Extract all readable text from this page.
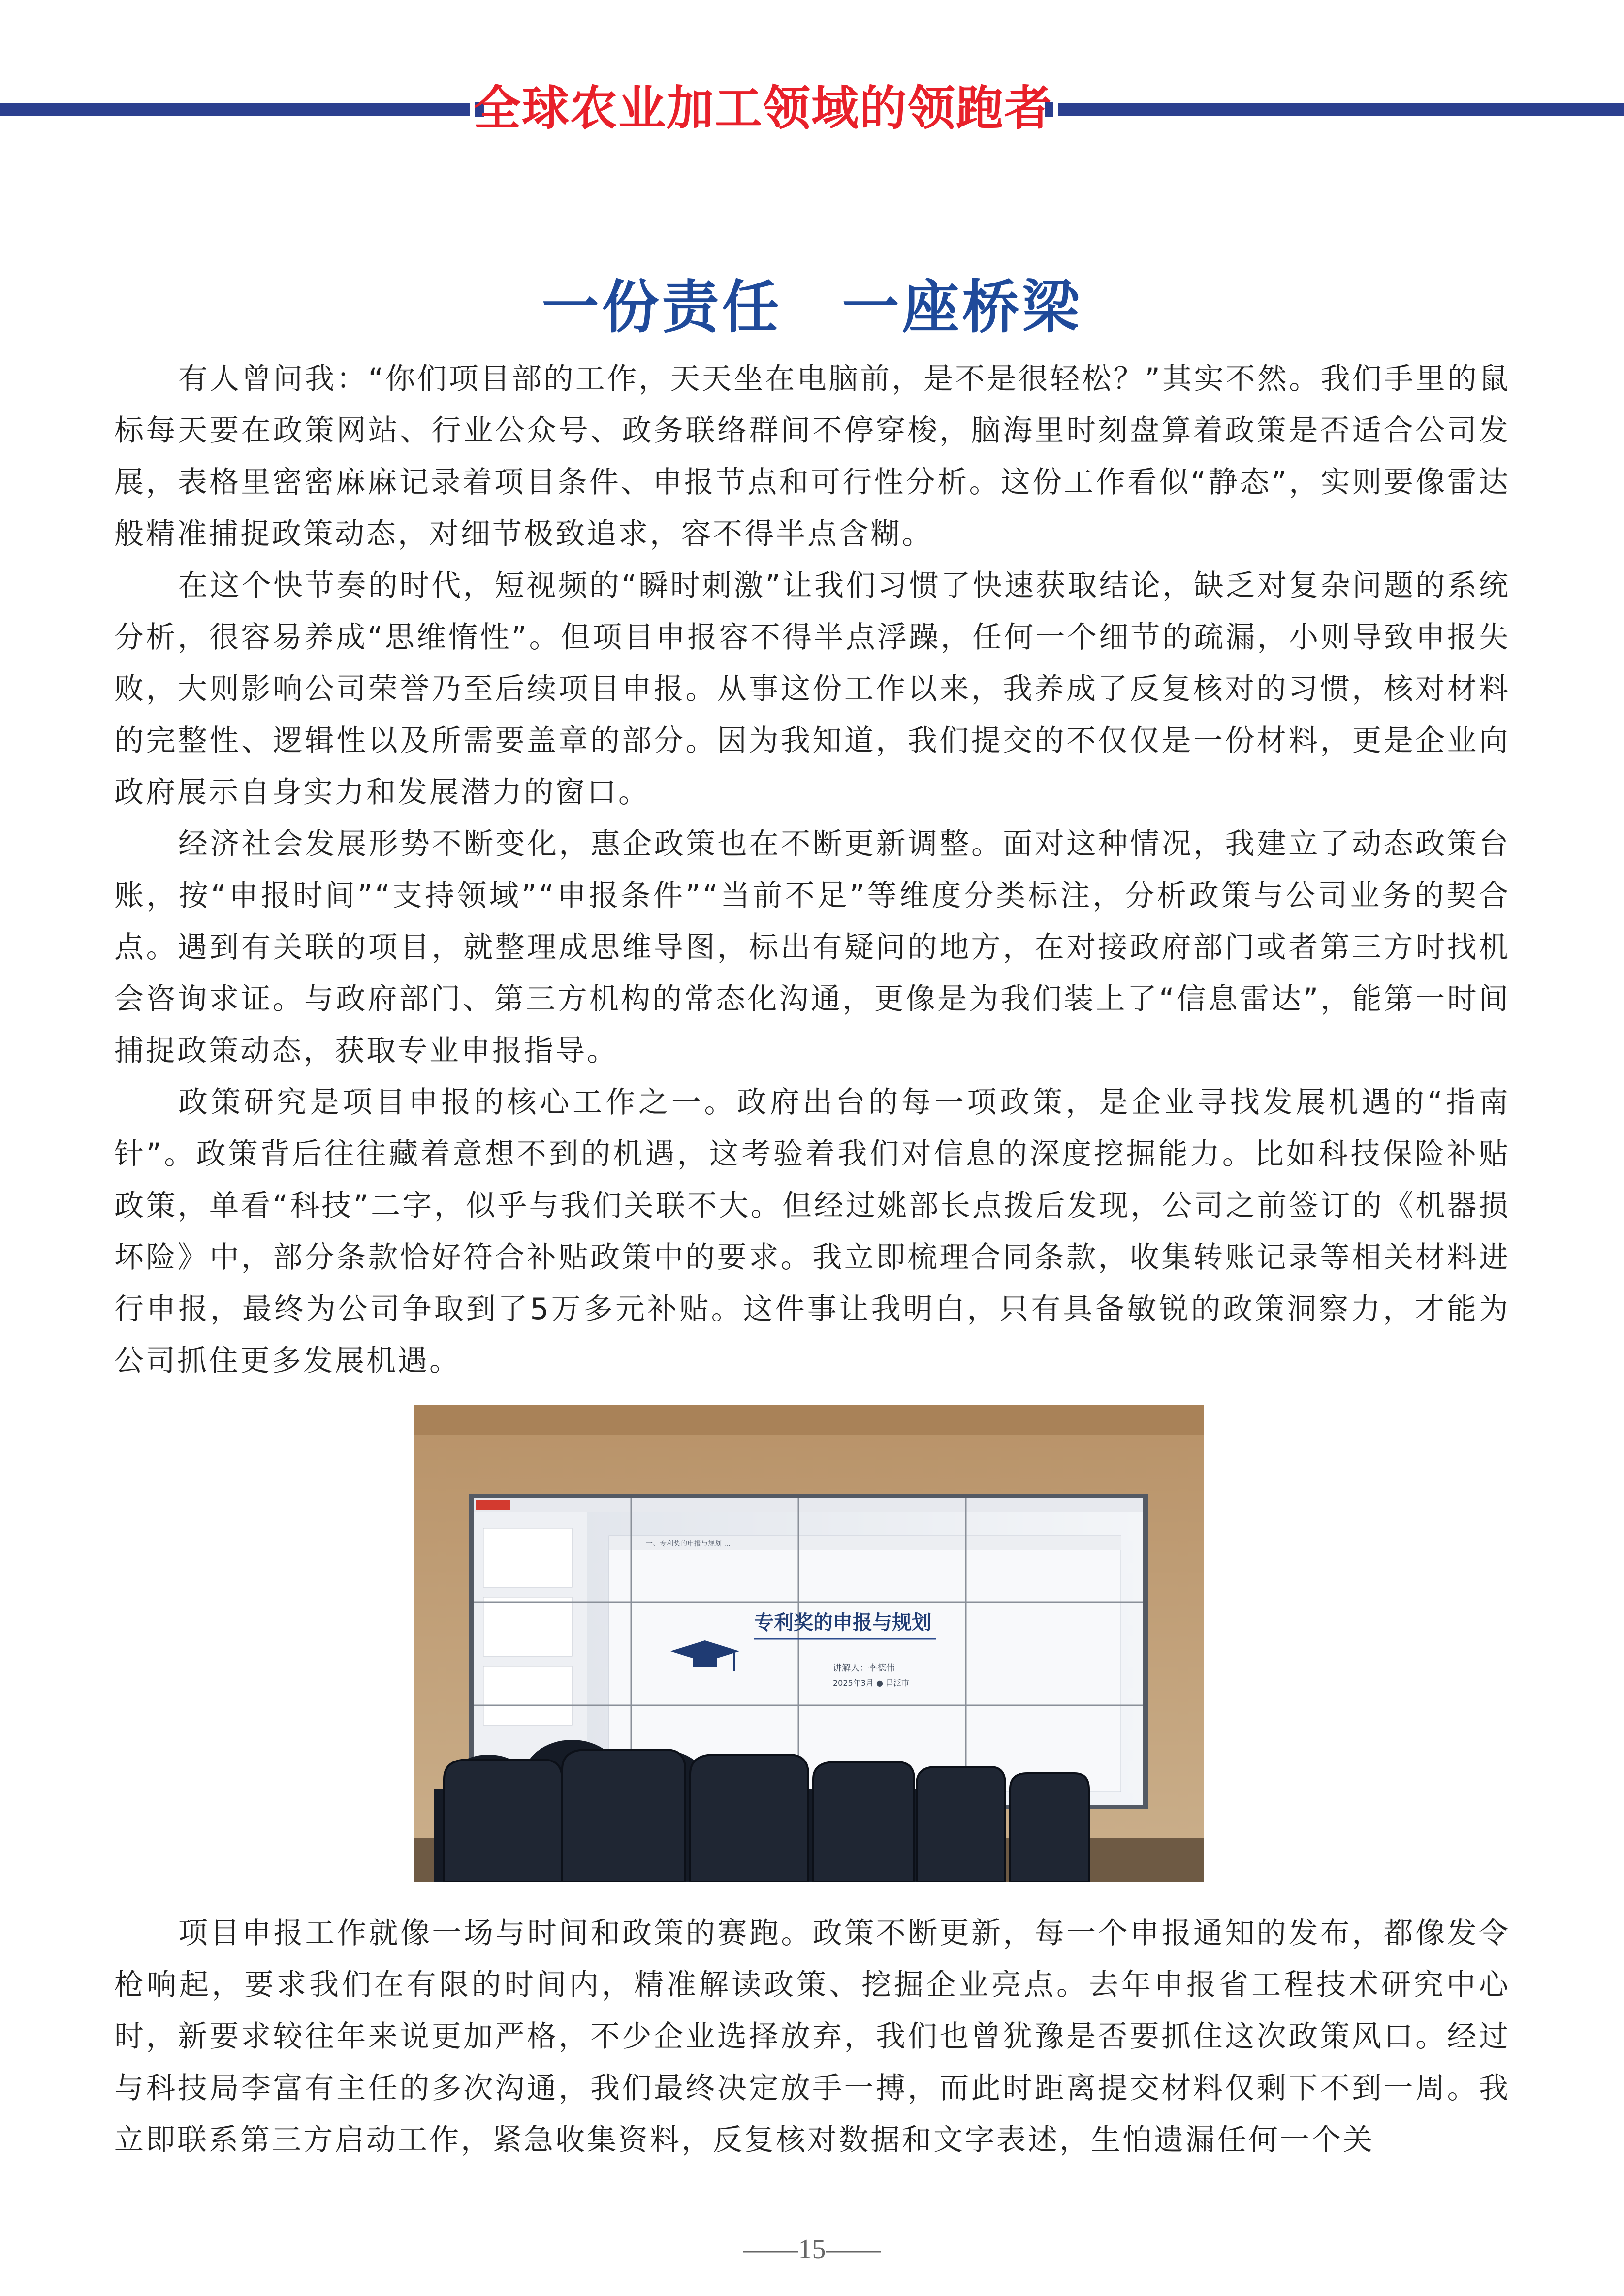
全球农业加工领域的领跑者
一份责任　一座桥梁

有人曾问我：“你们项目部的工作，天天坐在电脑前，是不是很轻松？”其实不然。我们手里的鼠标每天要在政策网站、行业公众号、政务联络群间不停穿梭，脑海里时刻盘算着政策是否适合公司发展，表格里密密麻麻记录着项目条件、申报节点和可行性分析。这份工作看似“静态”，实则要像雷达般精准捕捉政策动态，对细节极致追求，容不得半点含糊。

在这个快节奏的时代，短视频的“瞬时刺激”让我们习惯了快速获取结论，缺乏对复杂问题的系统分析，很容易养成“思维惰性”。但项目申报容不得半点浮躁，任何一个细节的疏漏，小则导致申报失败，大则影响公司荣誉乃至后续项目申报。从事这份工作以来，我养成了反复核对的习惯，核对材料的完整性、逻辑性以及所需要盖章的部分。因为我知道，我们提交的不仅仅是一份材料，更是企业向政府展示自身实力和发展潜力的窗口。

经济社会发展形势不断变化，惠企政策也在不断更新调整。面对这种情况，我建立了动态政策台账，按“申报时间”“支持领域”“申报条件”“当前不足”等维度分类标注，分析政策与公司业务的契合点。遇到有关联的项目，就整理成思维导图，标出有疑问的地方，在对接政府部门或者第三方时找机会咨询求证。与政府部门、第三方机构的常态化沟通，更像是为我们装上了“信息雷达”，能第一时间捕捉政策动态，获取专业申报指导。

政策研究是项目申报的核心工作之一。政府出台的每一项政策，是企业寻找发展机遇的“指南针”。政策背后往往藏着意想不到的机遇，这考验着我们对信息的深度挖掘能力。比如科技保险补贴政策，单看“科技”二字，似乎与我们关联不大。但经过姚部长点拨后发现，公司之前签订的《机器损坏险》中，部分条款恰好符合补贴政策中的要求。我立即梳理合同条款，收集转账记录等相关材料进行申报，最终为公司争取到了5万多元补贴。这件事让我明白，只有具备敏锐的政策洞察力，才能为公司抓住更多发展机遇。

专利奖的申报与规划
讲解人：李德伟
2025年3月 ● 昌泛市
一、专利奖的申报与规划 ...

项目申报工作就像一场与时间和政策的赛跑。政策不断更新，每一个申报通知的发布，都像发令枪响起，要求我们在有限的时间内，精准解读政策、挖掘企业亮点。去年申报省工程技术研究中心时，新要求较往年来说更加严格，不少企业选择放弃，我们也曾犹豫是否要抓住这次政策风口。经过与科技局李富有主任的多次沟通，我们最终决定放手一搏，而此时距离提交材料仅剩下不到一周。我立即联系第三方启动工作，紧急收集资料，反复核对数据和文字表述，生怕遗漏任何一个关

——15——
